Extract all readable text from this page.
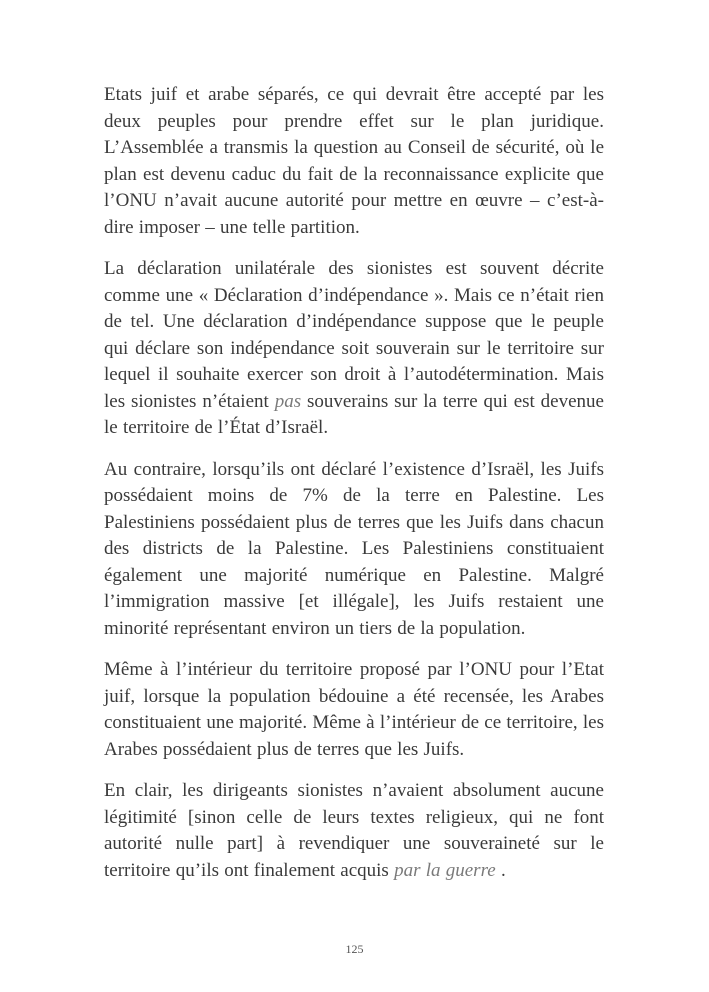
Etats juif et arabe séparés, ce qui devrait être accepté par les deux peuples pour prendre effet sur le plan juridique. L’Assemblée a transmis la question au Conseil de sécurité, où le plan est devenu caduc du fait de la reconnaissance explicite que l’ONU n’avait aucune autorité pour mettre en œuvre – c’est-à-dire imposer – une telle partition.

La déclaration unilatérale des sionistes est souvent décrite comme une « Déclaration d’indépendance ». Mais ce n’était rien de tel. Une déclaration d’indépendance suppose que le peuple qui déclare son indépendance soit souverain sur le territoire sur lequel il souhaite exercer son droit à l’autodétermination. Mais les sionistes n’étaient pas souverains sur la terre qui est devenue le territoire de l’État d’Israël.

Au contraire, lorsqu’ils ont déclaré l’existence d’Israël, les Juifs possédaient moins de 7% de la terre en Palestine. Les Palestiniens possédaient plus de terres que les Juifs dans chacun des districts de la Palestine. Les Palestiniens constituaient également une majorité numérique en Palestine. Malgré l’immigration massive [et illégale], les Juifs restaient une minorité représentant environ un tiers de la population.

Même à l’intérieur du territoire proposé par l’ONU pour l’Etat juif, lorsque la population bédouine a été recensée, les Arabes constituaient une majorité. Même à l’intérieur de ce territoire, les Arabes possédaient plus de terres que les Juifs.

En clair, les dirigeants sionistes n’avaient absolument aucune légitimité [sinon celle de leurs textes religieux, qui ne font autorité nulle part] à revendiquer une souveraineté sur le territoire qu’ils ont finalement acquis par la guerre .

125
